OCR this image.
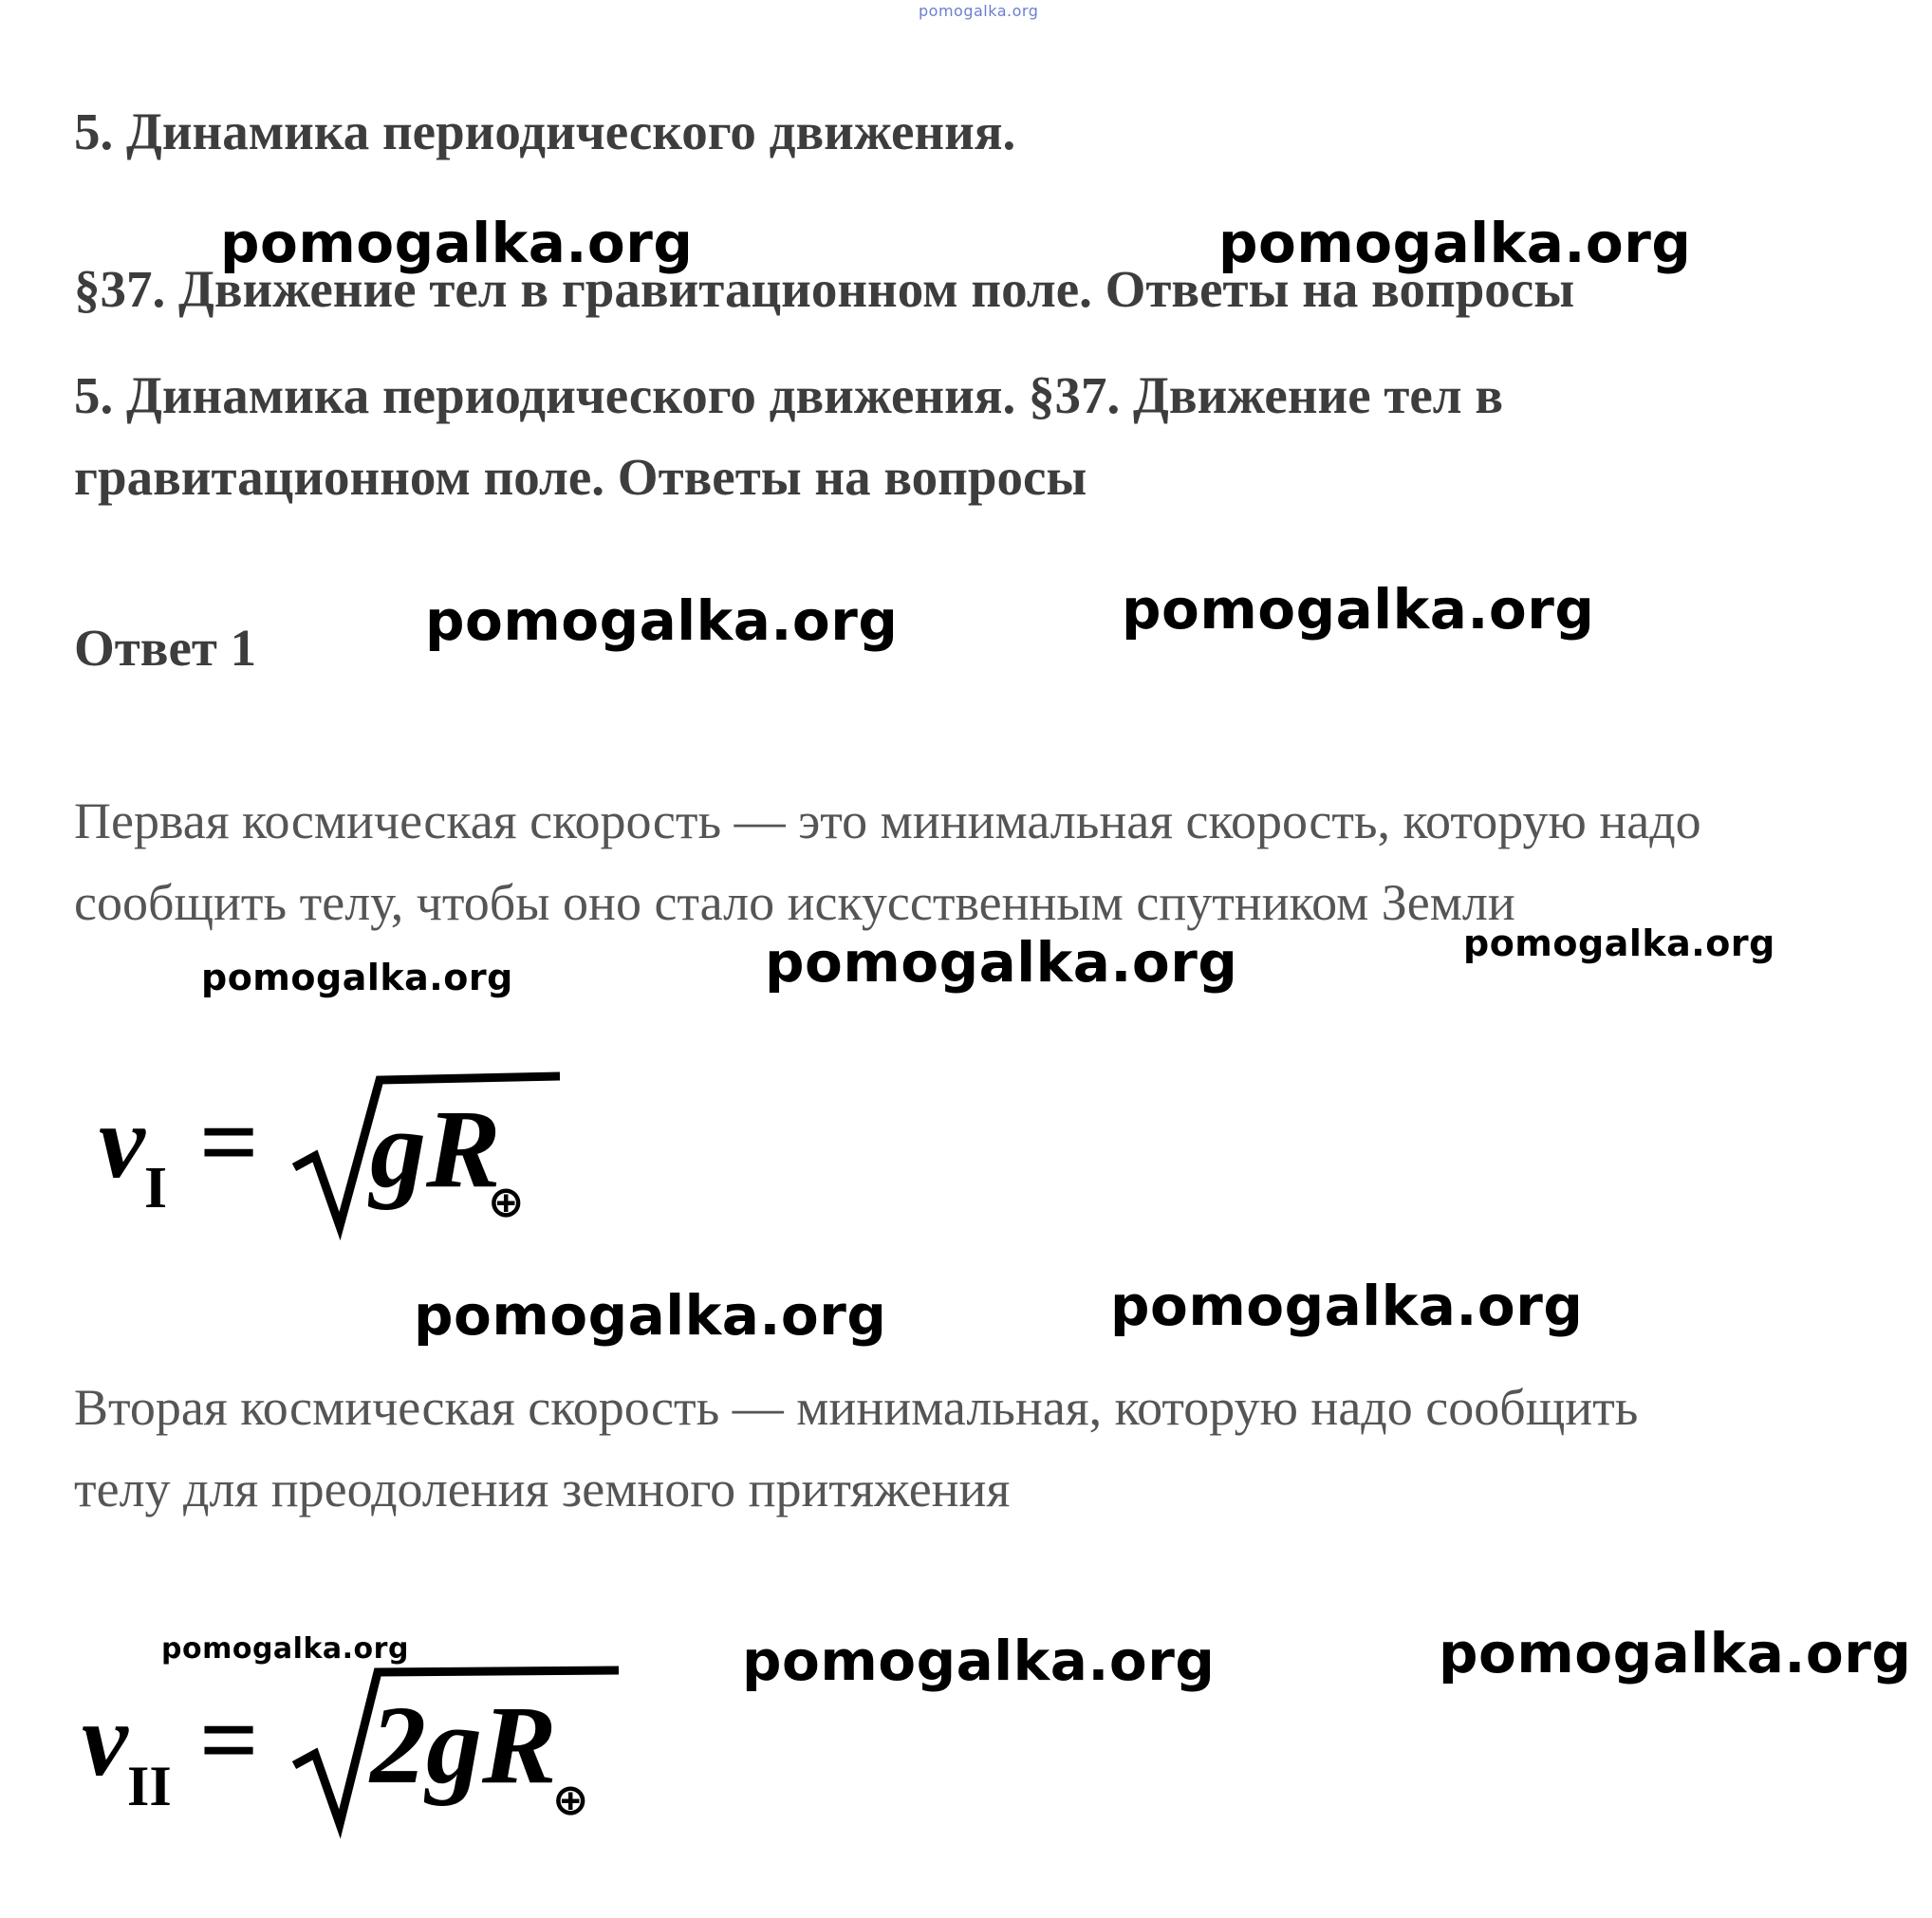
pomogalka.org
5. Динамика периодического движения.
§37. Движение тел в гравитационном поле. Ответы на вопросы
5. Динамика периодического движения. §37. Движение тел в
гравитационном поле. Ответы на вопросы
Ответ 1
Первая космическая скорость — это минимальная скорость, которую надо
сообщить телу, чтобы оно стало искусственным спутником Земли
v I = gR
⊕
Вторая космическая скорость — минимальная, которую надо сообщить
телу для преодоления земного притяжения
v II = 2gR
⊕
pomogalka.org	pomogalka.org
pomogalka.org	pomogalka.org
pomogalka.org	pomogalka.org	pomogalka.org
pomogalka.org	pomogalka.org
pomogalka.org	pomogalka.org	pomogalka.org
